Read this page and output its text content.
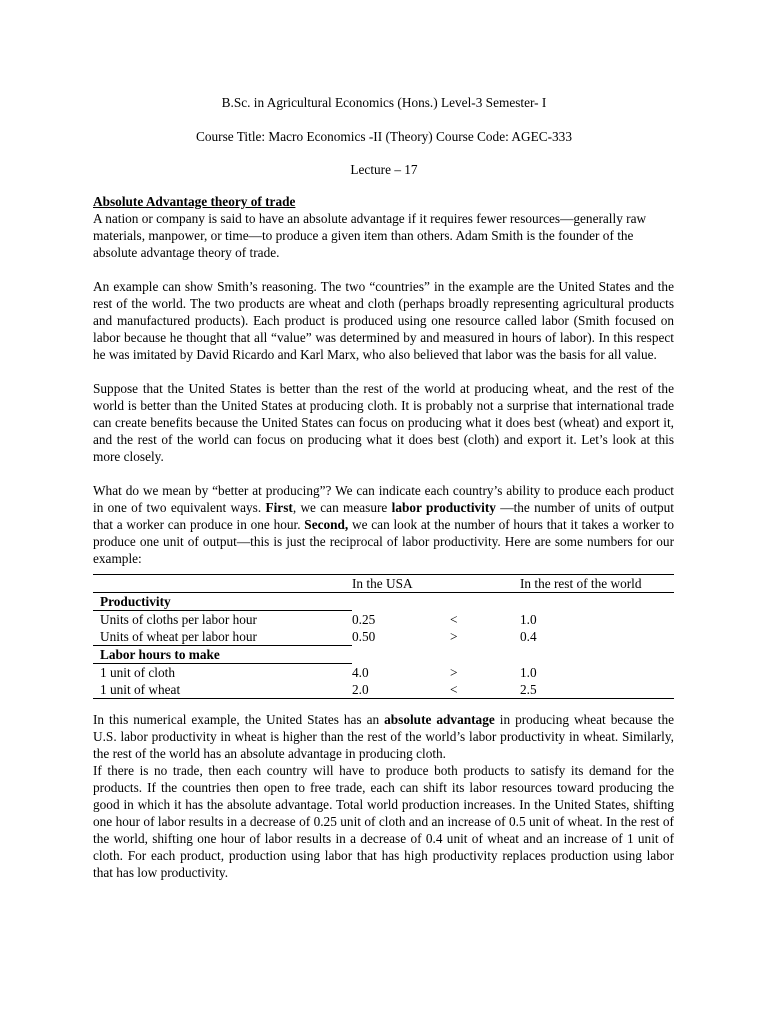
B.Sc. in Agricultural Economics (Hons.) Level-3 Semester- I

Course Title: Macro Economics -II (Theory) Course Code: AGEC-333

Lecture – 17

Absolute Advantage theory of trade

A nation or company is said to have an absolute advantage if it requires fewer resources—generally raw materials, manpower, or time—to produce a given item than others. Adam Smith is the founder of the absolute advantage theory of trade.

An example can show Smith’s reasoning. The two “countries” in the example are the United States and the rest of the world. The two products are wheat and cloth (perhaps broadly representing agricultural products and manufactured products). Each product is produced using one resource called labor (Smith focused on labor because he thought that all “value” was determined by and measured in hours of labor). In this respect he was imitated by David Ricardo and Karl Marx, who also believed that labor was the basis for all value.

Suppose that the United States is better than the rest of the world at producing wheat, and the rest of the world is better than the United States at producing cloth. It is probably not a surprise that international trade can create benefits because the United States can focus on producing what it does best (wheat) and export it, and the rest of the world can focus on producing what it does best (cloth) and export it. Let’s look at this more closely.

What do we mean by “better at producing”? We can indicate each country’s ability to produce each product in one of two equivalent ways. First, we can measure labor productivity —the number of units of output that a worker can produce in one hour. Second, we can look at the number of hours that it takes a worker to produce one unit of output—this is just the reciprocal of labor productivity. Here are some numbers for our example:

	In the USA		In the rest of the world
Productivity			
Units of cloths per labor hour	0.25	<	1.0
Units of wheat per labor hour	0.50	>	0.4
Labor hours to make			
1 unit of cloth	4.0	>	1.0
1 unit of wheat	2.0	<	2.5

In this numerical example, the United States has an absolute advantage in producing wheat because the U.S. labor productivity in wheat is higher than the rest of the world’s labor productivity in wheat. Similarly, the rest of the world has an absolute advantage in producing cloth.

If there is no trade, then each country will have to produce both products to satisfy its demand for the products. If the countries then open to free trade, each can shift its labor resources toward producing the good in which it has the absolute advantage. Total world production increases. In the United States, shifting one hour of labor results in a decrease of 0.25 unit of cloth and an increase of 0.5 unit of wheat. In the rest of the world, shifting one hour of labor results in a decrease of 0.4 unit of wheat and an increase of 1 unit of cloth. For each product, production using labor that has high productivity replaces production using labor that has low productivity.
